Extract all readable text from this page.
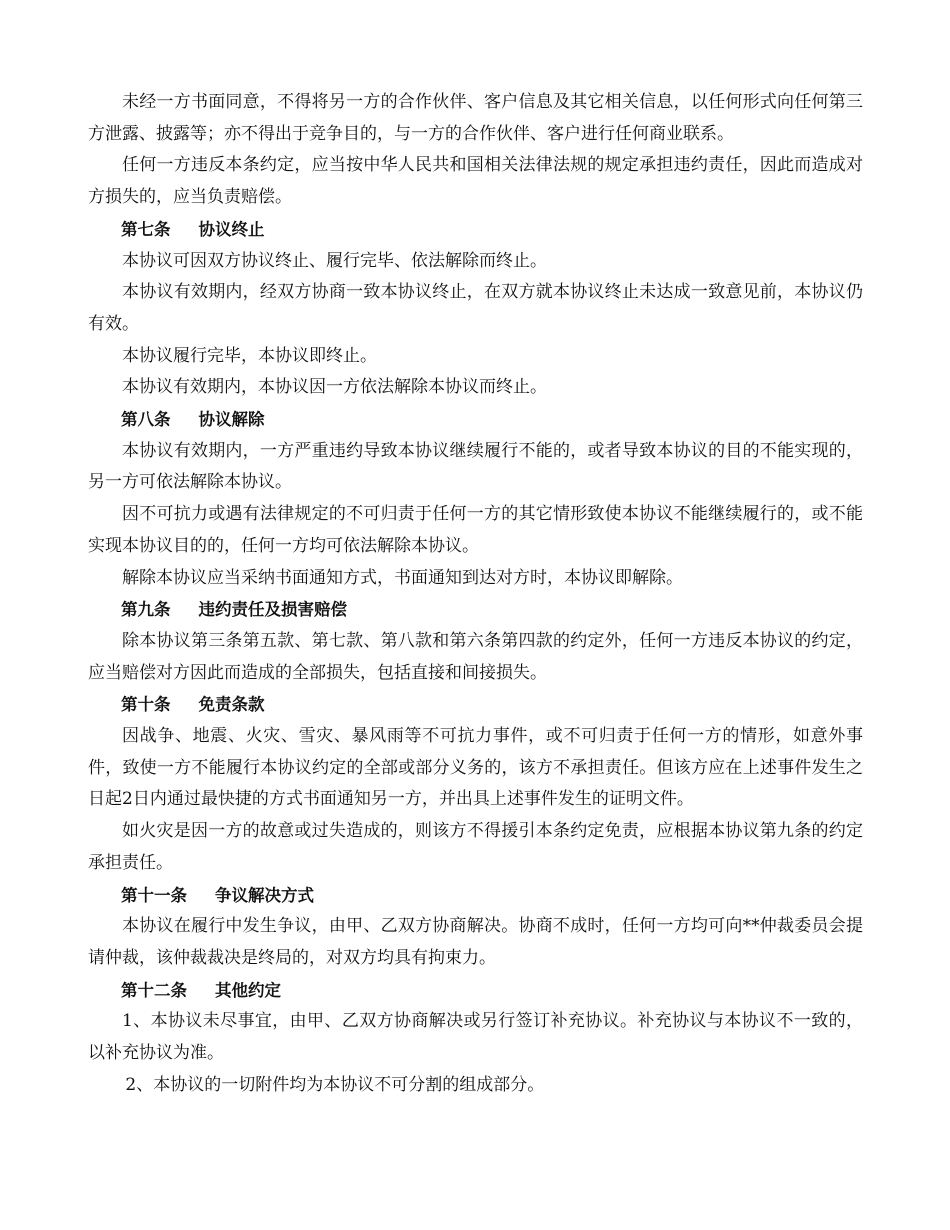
未经一方书面同意，不得将另一方的合作伙伴、客户信息及其它相关信息，以任何形式向任何第三方泄露、披露等；亦不得出于竞争目的，与一方的合作伙伴、客户进行任何商业联系。

任何一方违反本条约定，应当按中华人民共和国相关法律法规的规定承担违约责任，因此而造成对方损失的，应当负责赔偿。

第七条 协议终止

本协议可因双方协议终止、履行完毕、依法解除而终止。

本协议有效期内，经双方协商一致本协议终止，在双方就本协议终止未达成一致意见前，本协议仍有效。

本协议履行完毕，本协议即终止。

本协议有效期内，本协议因一方依法解除本协议而终止。

第八条 协议解除

本协议有效期内，一方严重违约导致本协议继续履行不能的，或者导致本协议的目的不能实现的，另一方可依法解除本协议。

因不可抗力或遇有法律规定的不可归责于任何一方的其它情形致使本协议不能继续履行的，或不能实现本协议目的的，任何一方均可依法解除本协议。

解除本协议应当采纳书面通知方式，书面通知到达对方时，本协议即解除。

第九条 违约责任及损害赔偿

除本协议第三条第五款、第七款、第八款和第六条第四款的约定外，任何一方违反本协议的约定，应当赔偿对方因此而造成的全部损失，包括直接和间接损失。

第十条 免责条款

因战争、地震、火灾、雪灾、暴风雨等不可抗力事件，或不可归责于任何一方的情形，如意外事件，致使一方不能履行本协议约定的全部或部分义务的，该方不承担责任。但该方应在上述事件发生之日起2日内通过最快捷的方式书面通知另一方，并出具上述事件发生的证明文件。

如火灾是因一方的故意或过失造成的，则该方不得援引本条约定免责，应根据本协议第九条的约定承担责任。

第十一条 争议解决方式

本协议在履行中发生争议，由甲、乙双方协商解决。协商不成时，任何一方均可向**仲裁委员会提请仲裁，该仲裁裁决是终局的，对双方均具有拘束力。

第十二条 其他约定

1、本协议未尽事宜，由甲、乙双方协商解决或另行签订补充协议。补充协议与本协议不一致的，以补充协议为准。

2、本协议的一切附件均为本协议不可分割的组成部分。
